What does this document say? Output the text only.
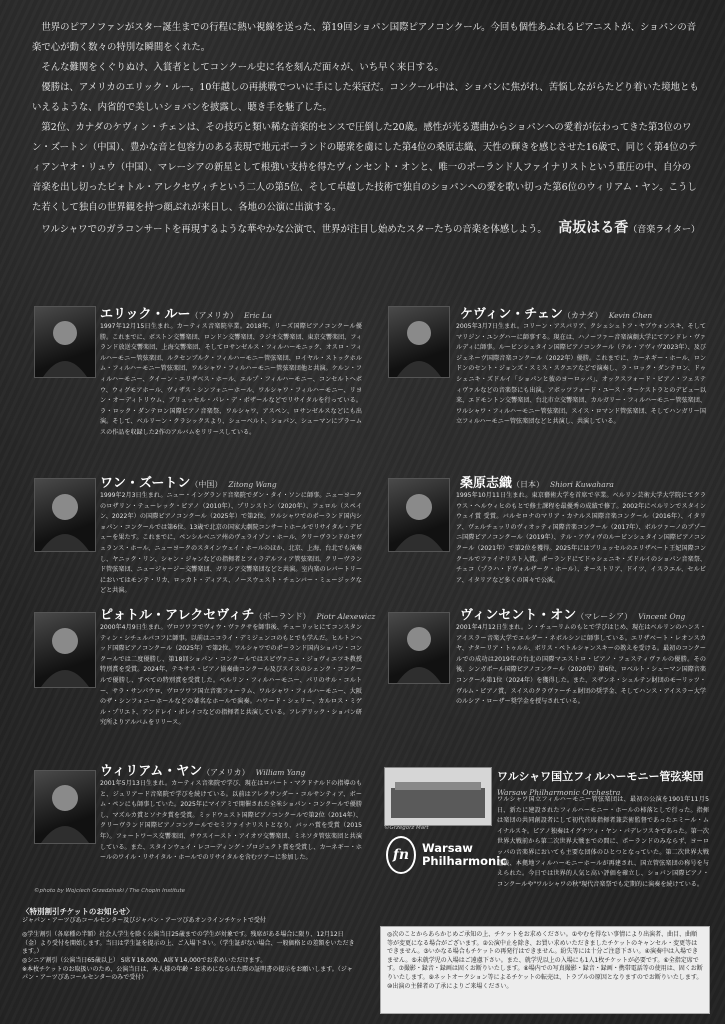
世界のピアノファンがスター誕生までの行程に熱い視線を送った、第19回ショパン国際ピアノコンクール。今回も個性あふれるピアニストが、ショパンの音楽で心が動く数々の特別な瞬間をくれた。

そんな難関をくぐりぬけ、入賞者としてコンクール史に名を刻んだ面々が、いち早く来日する。

優勝は、アメリカのエリック・ルー。10年越しの再挑戦でついに手にした栄冠だ。コンクール中は、ショパンに焦がれ、苦悩しながらたどり着いた境地ともいえるような、内省的で美しいショパンを披露し、聴き手を魅了した。

第2位、カナダのケヴィン・チェンは、その技巧と類い稀な音楽的センスで圧倒した20歳。感性が光る選曲からショパンへの愛着が伝わってきた第3位のワン・ズートン（中国）、豊かな音と包容力のある表現で地元ポーランドの聴衆を虜にした第4位の桑原志織、天性の輝きを感じさせた16歳で、同じく第4位のティアンヤオ・リュウ（中国）、マレーシアの新星として根強い支持を得たヴィンセント・オンと、唯一のポーランド人ファイナリストという重圧の中、自分の音楽を出し切ったピォトル・アレクセヴィチという二人の第5位、そして卓越した技術で独自のショパンへの愛を歌い切った第6位のウィリアム・ヤン。こうした若くして独自の世界観を持つ顔ぶれが来日し、各地の公演に出演する。

ワルシャワでのガラコンサートを再現するような華やかな公演で、世界が注目し始めたスターたちの音楽を体感しよう。 高坂はる香（音楽ライター）
エリック・ルー（アメリカ） Eric Lu
1997年12月15日生まれ。カーティス音楽院卒業。2018年、リーズ国際ピアノコンクール優勝。これまでに、ボストン交響楽団、ロンドン交響楽団、ラジオ交響楽団、東京交響楽団、フィランド放送交響楽団、上海交響楽団、そしてロサンゼルス・フィルハーモニック、オスロ・フィルハーモニー管弦楽団、ルクセンブルク・フィルハーモニー管弦楽団、ロイヤル・ストックホルム・フィルハーモニー管弦楽団、ワルシャワ・フィルハーモニー管弦楽団他と共演。ケルン・フィルハーモニー、クイーン・エリザベス・ホール、エルプ・フィルハーモニー、コンセルトヘボウ、ウィグモアホール、ヴィザス・シンフォニーホール、ワルシャワ・フィルハーモニー、リヨン・オーディトリウム、ブリュッセル・パレ・デ・ボザールなどでリサイタルを行っている。ラ・ロック・ダンテロン国際ピアノ音楽祭、ワルシャワ、アスペン、ロサンゼルスなどにも出演。そして、ベルリーン・クラシックスより、シューベルト、ショパン、シューマンにブラームスの作品を収録した2作のアルバムをリリースしている。
ケヴィン・チェン（カナダ） Kevin Chen
2005年3月7日生まれ。コリーン・アスバリア、クシュシュトフ・ヤブウォンスキ、そしてマリジン・ユングハーに師事する。現在は、ハノーファー音楽演劇大学にてアンドレ・ヴァルディに師事。ルービンシュタイン国際ピアノコンクール（テル・アヴィヴ2023年）、及びジュネーヴ国際音楽コンクール（2022年）優勝。これまでに、カーネギー・ホール、ロンドンのセント・ジョンズ・スミス・スクエアなどで演奏し、ラ・ロック・ダンテロン、ドゥシュニキ・ズドルイ「ショパンと彼のヨーロッパ」、オックスフォード・ピアノ・フェスティヴァルなどの音楽祭にも出演。アボッツフォード・ユース・オーケストラとのデビュー以来、エドモントン交響楽団、台北市立交響楽団、カルガリー・フィルハーモニー管弦楽団、ワルシャワ・フィルハーモニー管弦楽団、スイス・ロマンド管弦楽団、そしてハンガリー国立フィルハーモニー管弦楽団などと共演し、共演している。
ワン・ズートン（中国） Zitong Wang
1999年2月3日生まれ。ニュー・イングランド音楽院でダン・タイ・ソンに師事。ニューヨークのロザリン・テューレック・ピアノ（2010年）、プリンストン（2020年）、フェロル（スペイン、2022年）の国際ピアノコンクール（2025年）で第2位。ワルシャワでのポーランド国内ショパン・コンクールでは第6位。13歳で北京の国家大劇院コンサートホールでリサイタル・デビューを果たす。これまでに、ペンシルベニア州のヴェライゾン・ホール、クリーヴランドのセヴェランス・ホール、ニューヨークのスタインウェイ・ホールのほか、北京、上海、台北でも演奏し、ヤニック・リン、シャン・ジャンなどの指揮者とフィラデルフィア管弦楽団、クリーヴランド管弦楽団、ニュージャージー交響楽団、ガリシア交響楽団などと共演。室内楽のレパートリーにおいてはモンテ・リカ、ロッカト・ディアス、ノースウェスト・チェンバー・ミュージックなどと共演。
桑原志織（日本） Shiori Kuwahara
1995年10月11日生まれ。東京藝術大学を首席で卒業。ベルリン芸術大学大学院にてクラウス・ヘルウィヒのもとで修士課程を最優秀の成績で修了。2002年にベルリンでスタインウェイ賞 受賞。バルセロナのマリア・カナルス国際音楽コンクール（2016年）、イタリア、ヴェルチェッリのヴィオッティ国際音楽コンクール（2017年）、ボルツァーノのブゾーニ国際ピアノコンクール（2019年）、テル・アヴィヴのルービンシュタイン国際ピアノコンクール（2021年）で第2位を獲得。2025年にはブリュッセルのエリザベート王妃国際コンクールでファイナリスト入賞。ポーランドにてドゥシュニキ・ズドルイのショパン音楽祭、チェコ（プラハ・ドヴォルザーク・ホール）、オーストリア、ドイツ、イスラエル、セルビア、イタリアなど多くの国々で公演。
ピォトル・アレクセヴィチ（ポーランド） Piotr Alexewicz
2000年4月9日生まれ。ヴロツワフでヴィウ・ヴァクサを師事後、チューリッヒにてコンスタンティン・シチェルバコフに師事。以前はニコライ・デミジェンコのもとでも学んだ。ヒルトンヘッド国際ピアノコンクール（2025年）で第2位。ワルシャワでのポーランド国内ショパン・コンクールでは二度優勝し、第18回ショパン・コンクールではスピヴァニュ・ジョヴィエツキ教授特別賞を受賞。2024年、テキサス・ピアノ協奏曲コンクール及びスイスのシェンク・コンクールで優勝し、すべての特別賞を受賞した。ベルリン・フィルハーモニー、パリのサル・コルトー、サラ・サンパウロ、ヴロツワフ国立音楽フォーラム、ワルシャワ・フィルハーモニー、大阪のザ・シンフォニーホールなどの著名なホールで演奏。ハワード・シェリー、カルロス・ミゲル・プリエト、アンドレイ・ボレイコなどの指揮者と共演している。フレデリック・ショパン研究所よりアルバムをリリース。
ヴィンセント・オン（マレーシア） Vincent Ong
2001年4月12日生まれ。ン・チューリムのもとで学びはじめ、現在はベルリンのハンス・アイスラー音楽大学でエルダー・ネボルシンに師事している。エリザベート・レオンスカヤ、ナターリア・トゥルル、ボリス・ペトルシャンスキーの教えを受ける。最初のコンクールでの成功は2019年の台北の国際マエストロ・ピアノ・フェスティヴァルの優勝。その後、シンガポール国際ピアノコンクール（2020年）第6位、ロベルト・シューマン国際音楽コンクール第1位（2024年）を獲得した。また、スザンネ・シュルテン財団のモーリッツ・ヴルム・ピアノ賞、スイスのクラヴァーチェ財団の奨学金、そしてハンス・アイスラー大学のルシア・ローザー奨学金を授与されている。
ウィリアム・ヤン（アメリカ） William Yang
2001年5月13日生まれ。カーティス音楽院で学び、現在はロバート・マクドナルドの指導のもと、ジュリアード音楽院で学びを続けている。以前はアレクサンダー・コルサンティア、ボーム・ペンにも師事していた。2025年にマイアミで開催された全米ショパン・コンクールで優勝し、マズルカ賞とソナタ賞を受賞。ミッドウェスト国際ピアノコンクールで第2位（2014年）、クリーヴランド国際ピアノコンクールでセミファイナリストとなり、バッハ賞を受賞（2015年）。フォートワース交響楽団、サウスイースト・アイオワ交響楽団、ミネソタ管弦楽団と共演している。また、スタインウェイ・レコーディング・プロジェクト賞を受賞し、カーネギー・ホールのワイル・リサイタル・ホールでのリサイタルを含むツアーに参加した。
©Grzegorz Mart
fn	Warsaw
Philharmonic
ワルシャワ国立フィルハーモニー管弦楽団
Warsaw Philharmonic Orchestra
ワルシャワ国立フィルハーモニー管弦楽団は、最初の公演を1901年11月5日、新たに建設されたフィルハーモニー・ホールの柿落としで行った。指揮は楽団の共同創設者にして初代首席指揮者兼芸術監督であったエミール・ムイナルスキ。ピアノ独奏はイグナツィ・ヤン・パデレフスキであった。第一次世界大戦前から第二次世界大戦までの間に、ポーランドのみならず、ヨーロッパの音楽界においても主要な団体のひとつとなっていた。第二次世界大戦直後、本拠地フィルハーモニーホールが再建され、国立管弦楽団の称号を与えられた。今日では世界的人気と高い評価を確立し、ショパン国際ピアノ・コンクールや"ワルシャワの秋"現代音楽祭でも定期的に演奏を続けている。
©photo by Wojciech Grzedzinski / The Chopin Institute
〈特別割引チケットのお知らせ〉
ジャパン・アーツぴあコールセンター及びジャパン・アーツぴあオンラインチケットで受付
◎学生割引（各席種の半額）社会人学生を除く公演当日25歳までの学生が対象です。残席がある場合に限り、12月12日（金）より受付を開始します。当日は学生証を提示の上、ご入場下さい。（学生証がない場合、一般価格との差額をいただきます。）
◎シニア割引（公演当日65歳以上） S席￥18,000、A席￥14,000でお求めいただけます。
※本枚チケットのお取扱いのため、公演当日は、本人様の年齢・お求めになられた際の証明書の提示をお願いします。（ジャパン・アーツぴあコールセンターのみで受付）
◎次のことからあらかじめご承知の上、チケットをお求めください。①やむを得ない事情により出演者、曲目、曲順等が変更になる場合がございます。②公演中止を除き、お買い求めいただきましたチケットのキャンセル・変更等はできません。③いかなる場合もチケットの再発行はできません。紛失等には十分ご注意下さい。④演奏中は入場できません。⑤未就学児の入場はご遠慮下さい。また、就学児以上の入場にも1人1枚チケットが必要です。⑥全指定席です。⑦撮影・録音・録画は固くお断りいたします。⑧場内での写真撮影・録音・録画・携帯電話等の使用は、固くお断りいたします。⑨ネットオークション等によるチケットの転売は、トラブルの原因となりますのでお断りいたします。⑩出演の主催者の了承によりご来場ください。
